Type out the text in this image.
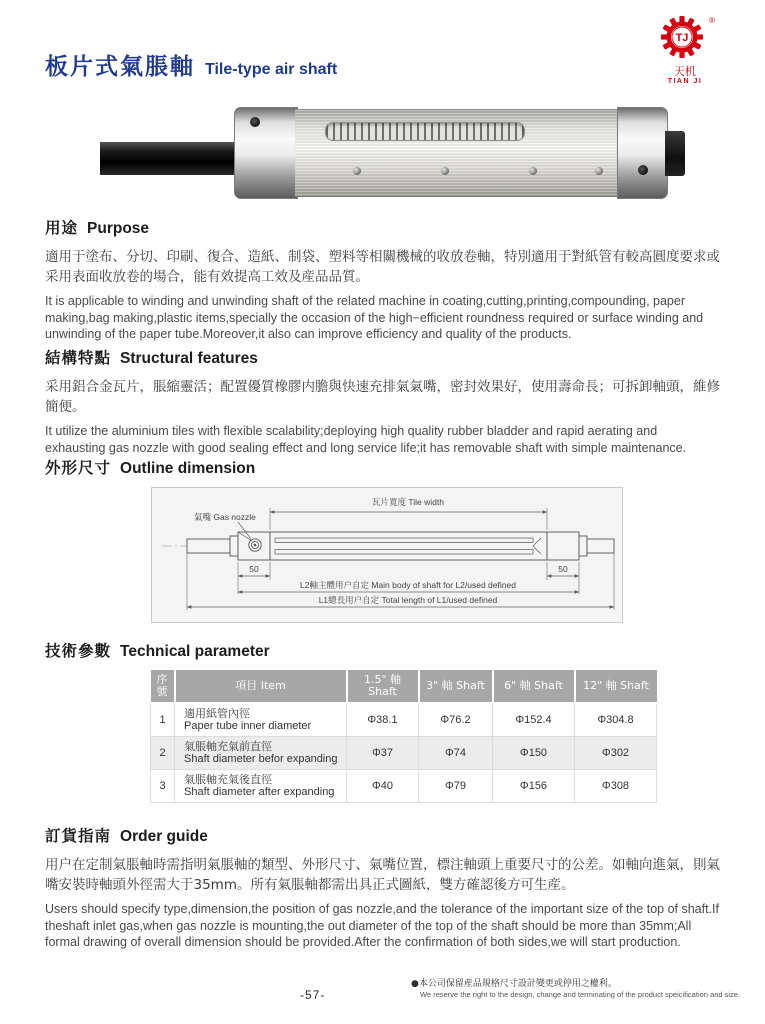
板片式氣脹軸 Tile-type air shaft
TJ
®
天机
TIAN JI
用途 Purpose

適用于塗布、分切、印刷、復合、造紙、制袋、塑料等相關機械的收放卷軸，特別適用于對紙管有較高圓度要求或采用表面收放卷的場合，能有效提高工效及産品品質。

It is applicable to winding and unwinding shaft of the related machine in coating,cutting,printing,compounding, paper making,bag making,plastic items,specially the occasion of the high−efficient roundness required or surface winding and unwinding of the paper tube.Moreover,it also can improve efficiency and quality of the products.

結構特點 Structural features

采用鋁合金瓦片，脹縮靈活；配置優質橡膠内膽與快速充排氣氣嘴，密封效果好，使用壽命長；可拆卸軸頭，維修簡便。

It utilize the aluminium tiles with flexible scalability;deploying high quality rubber bladder and rapid aerating and exhausting gas nozzle with good sealing effect and long service life;it has removable shaft with simple maintenance.

外形尺寸 Outline dimension
氣嘴 Gas nozzle
瓦片寬度 Tile width
50	50
L2軸主體用户自定 Main body of shaft for L2/used defined
L1總長用户自定 Total length of L1/used defined
技術參數 Technical parameter
序號	項目 Item	1.5" 軸 Shaft	3" 軸 Shaft	6" 軸 Shaft	12" 軸 Shaft
1	適用紙管內徑
Paper tube inner diameter	Φ38.1	Φ76.2	Φ152.4	Φ304.8
2	氣脹軸充氣前直徑
Shaft diameter befor expanding	Φ37	Φ74	Φ150	Φ302
3	氣脹軸充氣後直徑
Shaft diameter after expanding	Φ40	Φ79	Φ156	Φ308
訂貨指南 Order guide

用户在定制氣脹軸時需指明氣脹軸的類型、外形尺寸、氣嘴位置，標注軸頭上重要尺寸的公差。如軸向進氣，則氣嘴安裝時軸頭外徑需大于35mm。所有氣脹軸都需出具正式圖紙，雙方確認後方可生産。

Users should specify type,dimension,the position of gas nozzle,and the tolerance of the important size of the top of shaft.If theshaft inlet gas,when gas nozzle is mounting,the out diameter of the top of the shaft should be more than 35mm;All formal drawing of overall dimension should be provided.After the confirmation of both sides,we will start production.

-57-
●本公司保留産品規格尺寸設計變更或停用之權利。
We reserve the right to the design, change and terminating of the product speicification and size.
